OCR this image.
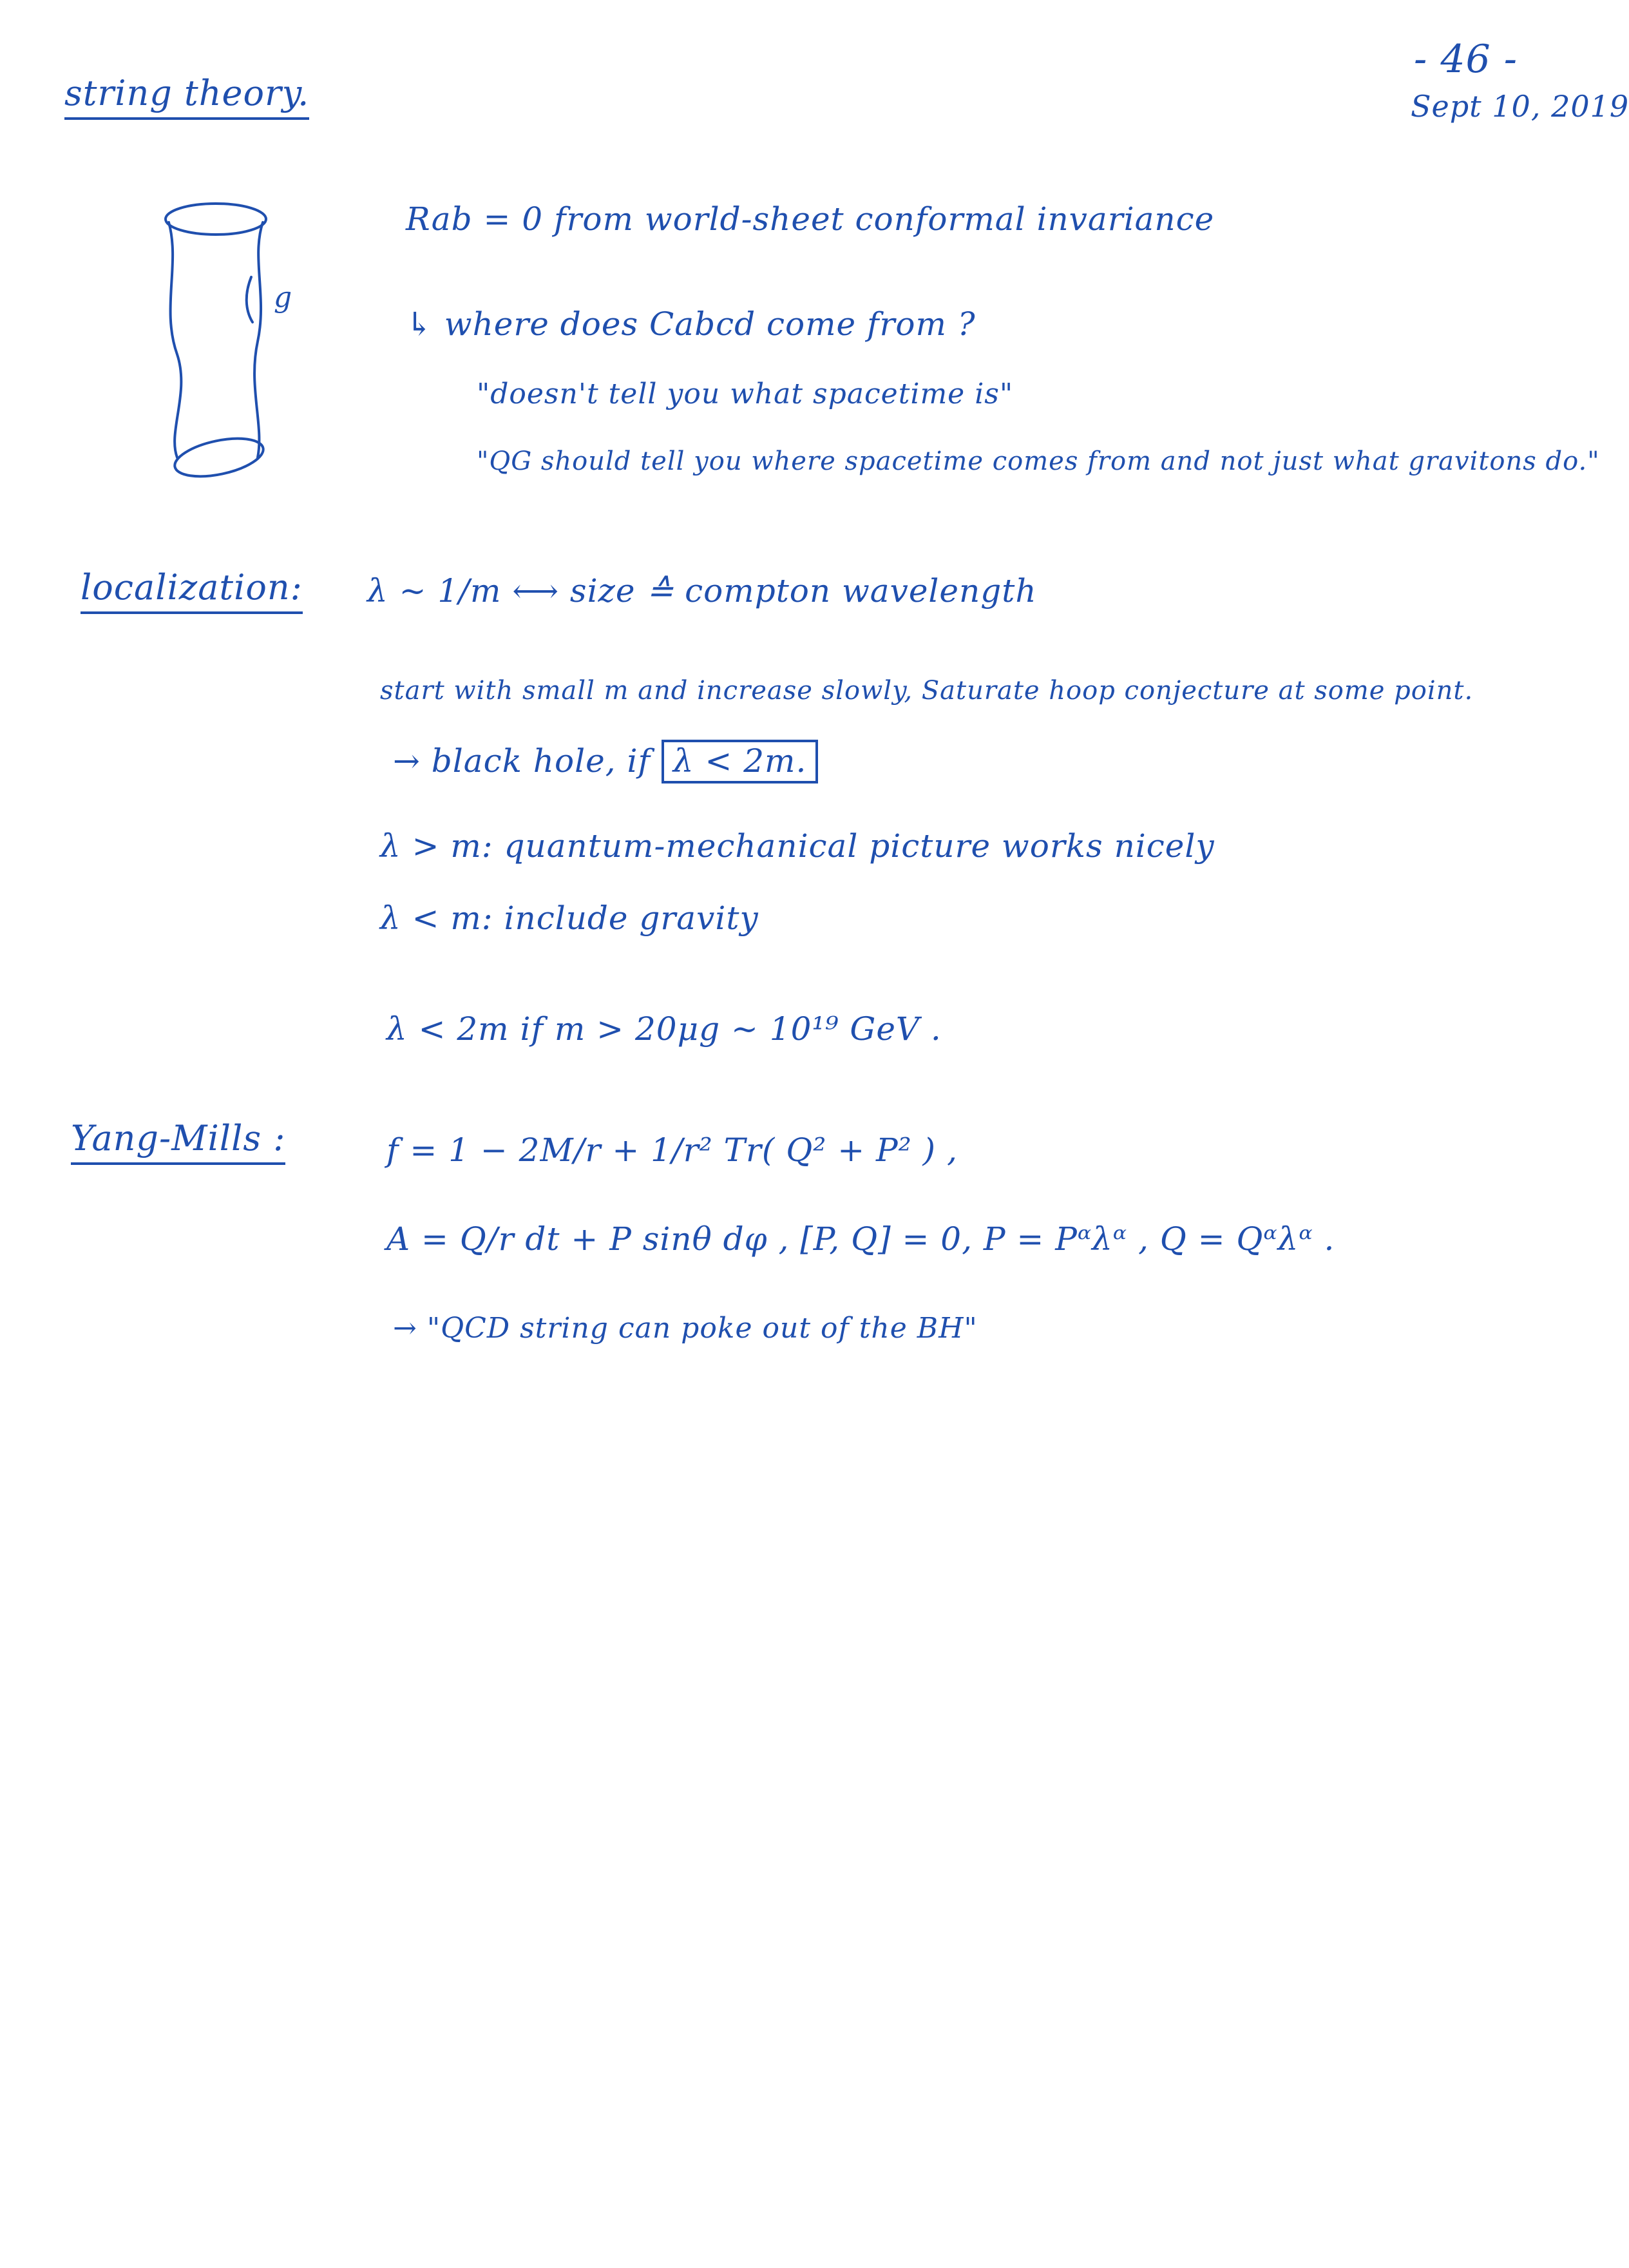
- 46 -
Sept 10, 2019
string theory.
g
Rab = 0 from world-sheet conformal invariance
↳ where does Cabcd come from ?
"doesn't tell you what spacetime is"
"QG should tell you where spacetime comes from and not just what gravitons do."
localization: λ ~ 1/m ⟷ size ≙ compton wavelength
start with small m and increase slowly, Saturate hoop conjecture at some point.
→ black hole, if λ < 2m.
λ > m: quantum-mechanical picture works nicely
λ < m: include gravity
λ < 2m if m > 20μg ~ 10¹⁹ GeV .
Yang-Mills :	f = 1 − 2M/r + 1/r² Tr( Q² + P² ) ,
A = Q/r dt + P sinθ dφ , [P, Q] = 0, P = Pᵅλᵅ , Q = Qᵅλᵅ .
→ "QCD string can poke out of the BH"
